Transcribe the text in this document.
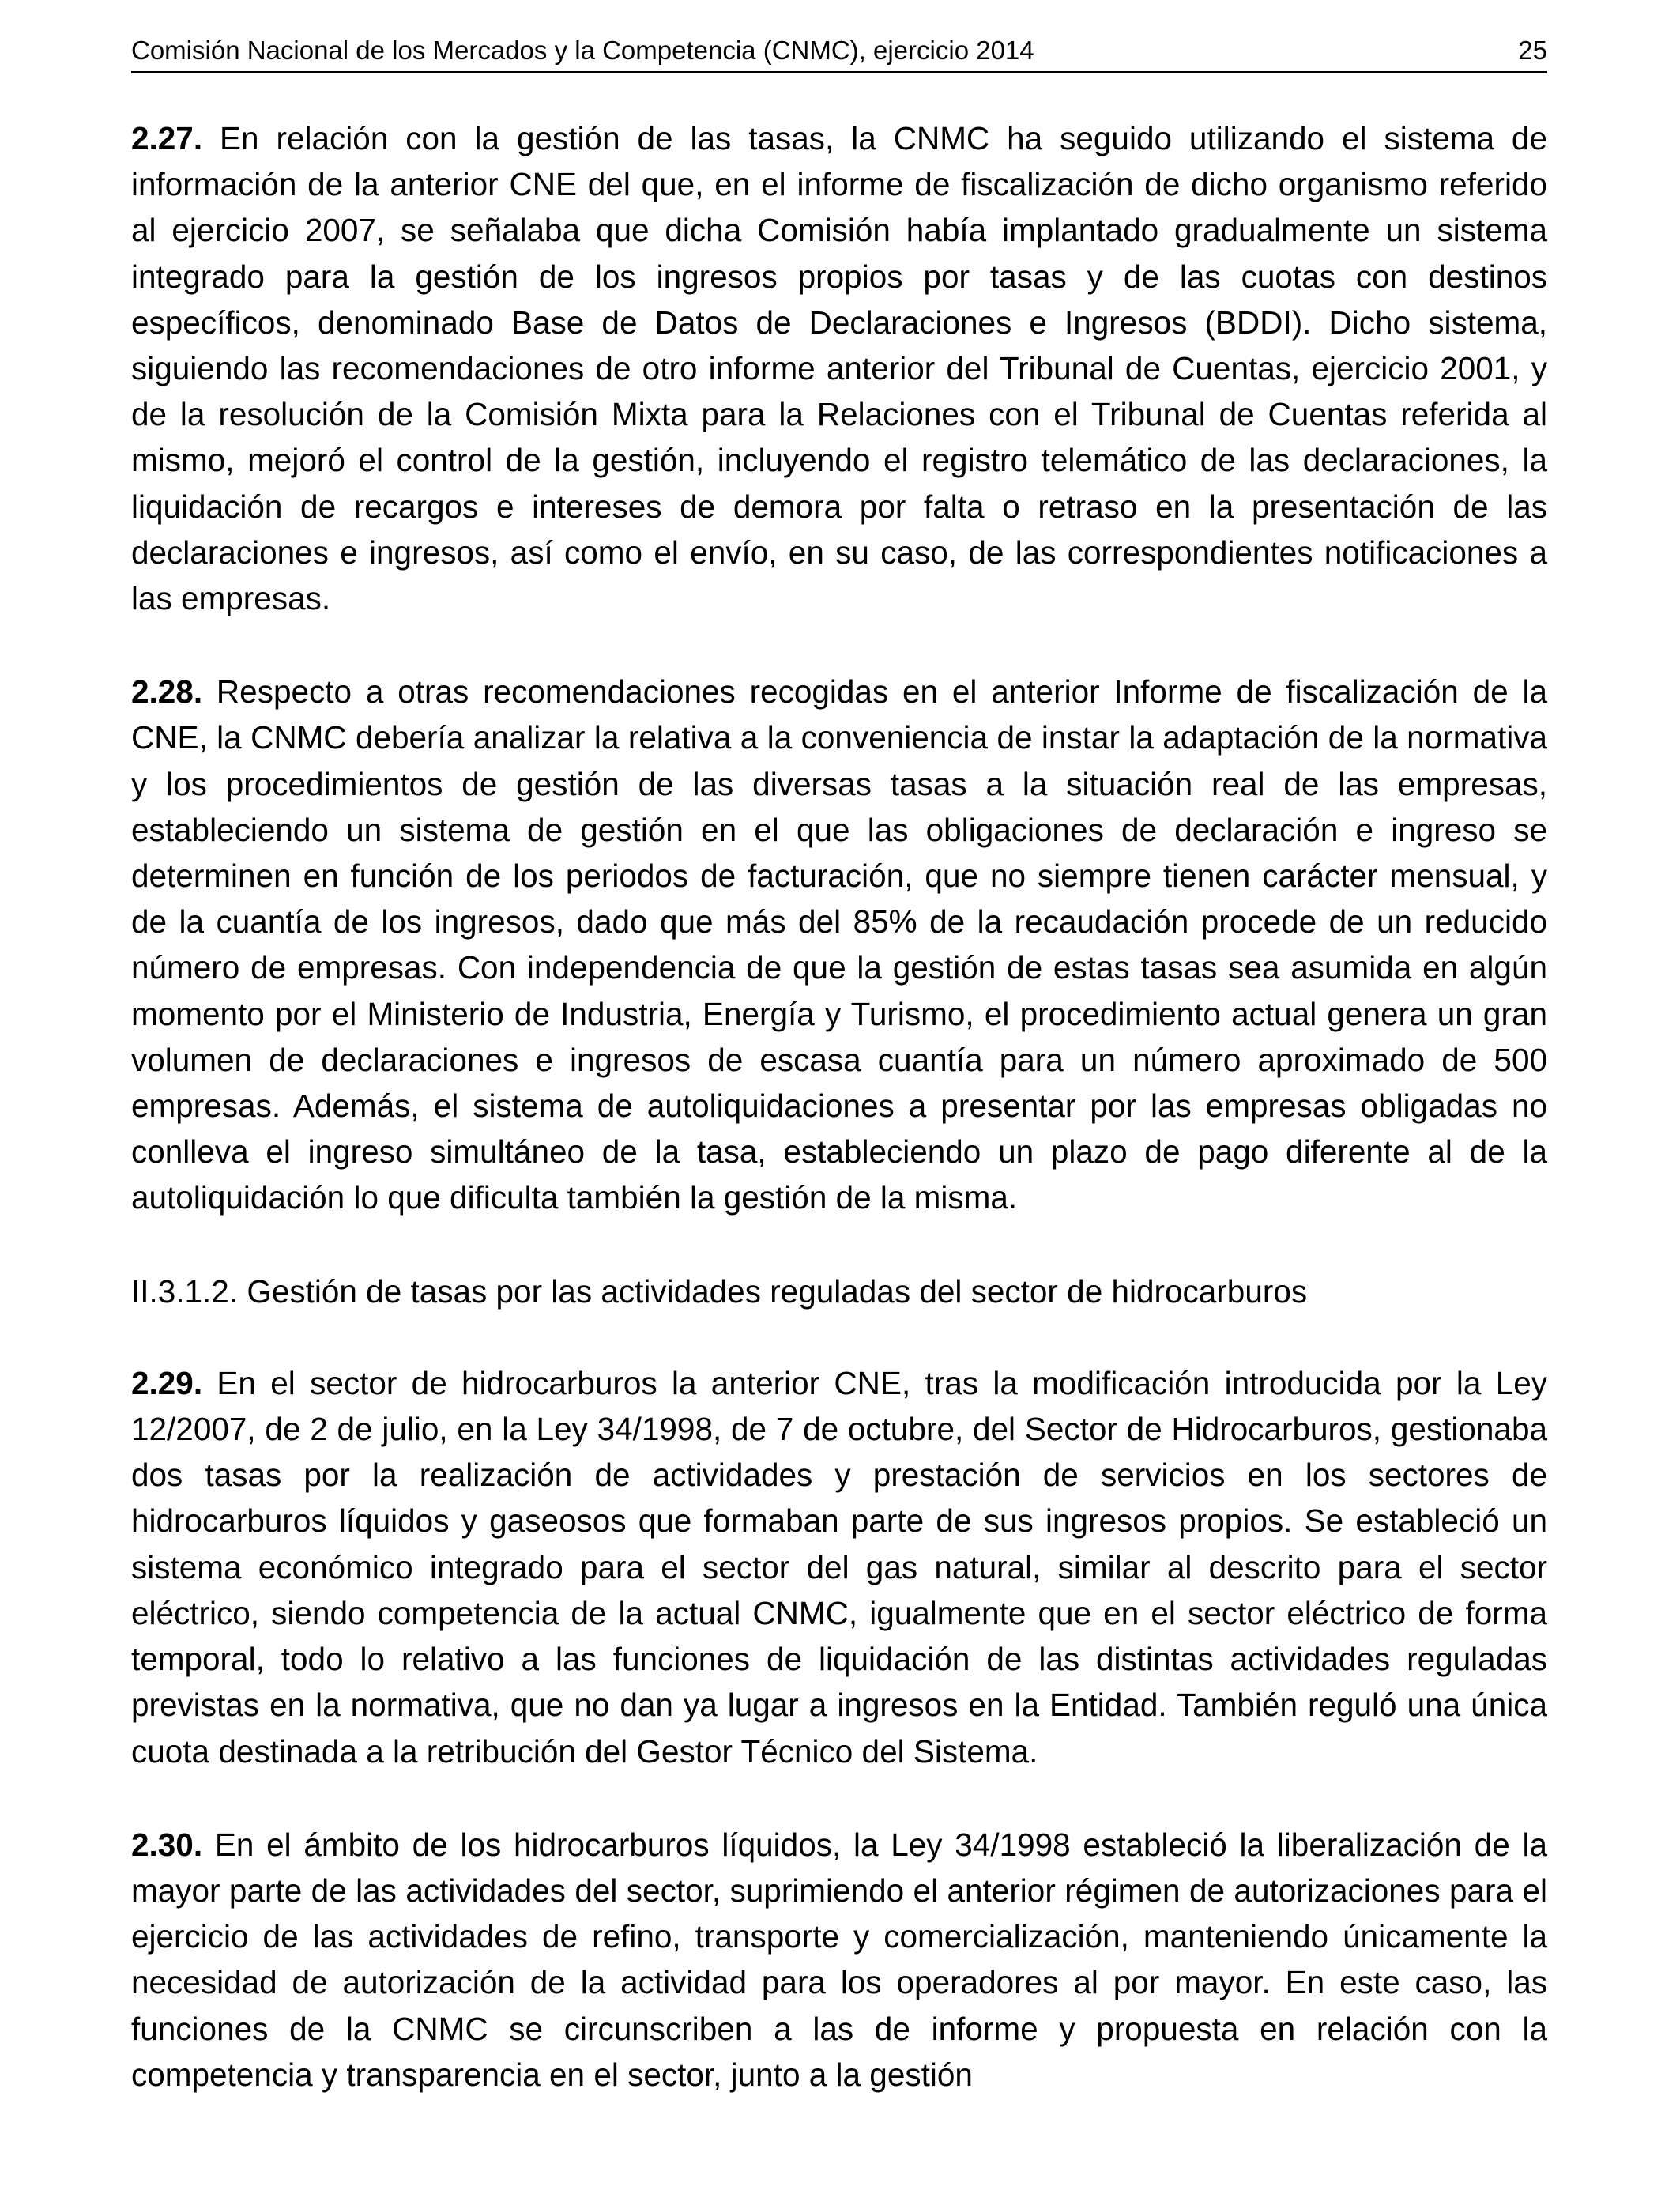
Comisión Nacional de los Mercados y la Competencia (CNMC), ejercicio 2014	25

2.27. En relación con la gestión de las tasas, la CNMC ha seguido utilizando el sistema de información de la anterior CNE del que, en el informe de fiscalización de dicho organismo referido al ejercicio 2007, se señalaba que dicha Comisión había implantado gradualmente un sistema integrado para la gestión de los ingresos propios por tasas y de las cuotas con destinos específicos, denominado Base de Datos de Declaraciones e Ingresos (BDDI). Dicho sistema, siguiendo las recomendaciones de otro informe anterior del Tribunal de Cuentas, ejercicio 2001, y de la resolución de la Comisión Mixta para la Relaciones con el Tribunal de Cuentas referida al mismo, mejoró el control de la gestión, incluyendo el registro telemático de las declaraciones, la liquidación de recargos e intereses de demora por falta o retraso en la presentación de las declaraciones e ingresos, así como el envío, en su caso, de las correspondientes notificaciones a las empresas.

2.28. Respecto a otras recomendaciones recogidas en el anterior Informe de fiscalización de la CNE, la CNMC debería analizar la relativa a la conveniencia de instar la adaptación de la normativa y los procedimientos de gestión de las diversas tasas a la situación real de las empresas, estableciendo un sistema de gestión en el que las obligaciones de declaración e ingreso se determinen en función de los periodos de facturación, que no siempre tienen carácter mensual, y de la cuantía de los ingresos, dado que más del 85% de la recaudación procede de un reducido número de empresas. Con independencia de que la gestión de estas tasas sea asumida en algún momento por el Ministerio de Industria, Energía y Turismo, el procedimiento actual genera un gran volumen de declaraciones e ingresos de escasa cuantía para un número aproximado de 500 empresas. Además, el sistema de autoliquidaciones a presentar por las empresas obligadas no conlleva el ingreso simultáneo de la tasa, estableciendo un plazo de pago diferente al de la autoliquidación lo que dificulta también la gestión de la misma.

II.3.1.2. Gestión de tasas por las actividades reguladas del sector de hidrocarburos

2.29. En el sector de hidrocarburos la anterior CNE, tras la modificación introducida por la Ley 12/2007, de 2 de julio, en la Ley 34/1998, de 7 de octubre, del Sector de Hidrocarburos, gestionaba dos tasas por la realización de actividades y prestación de servicios en los sectores de hidrocarburos líquidos y gaseosos que formaban parte de sus ingresos propios. Se estableció un sistema económico integrado para el sector del gas natural, similar al descrito para el sector eléctrico, siendo competencia de la actual CNMC, igualmente que en el sector eléctrico de forma temporal, todo lo relativo a las funciones de liquidación de las distintas actividades reguladas previstas en la normativa, que no dan ya lugar a ingresos en la Entidad. También reguló una única cuota destinada a la retribución del Gestor Técnico del Sistema.

2.30. En el ámbito de los hidrocarburos líquidos, la Ley 34/1998 estableció la liberalización de la mayor parte de las actividades del sector, suprimiendo el anterior régimen de autorizaciones para el ejercicio de las actividades de refino, transporte y comercialización, manteniendo únicamente la necesidad de autorización de la actividad para los operadores al por mayor. En este caso, las funciones de la CNMC se circunscriben a las de informe y propuesta en relación con la competencia y transparencia en el sector, junto a la gestión
